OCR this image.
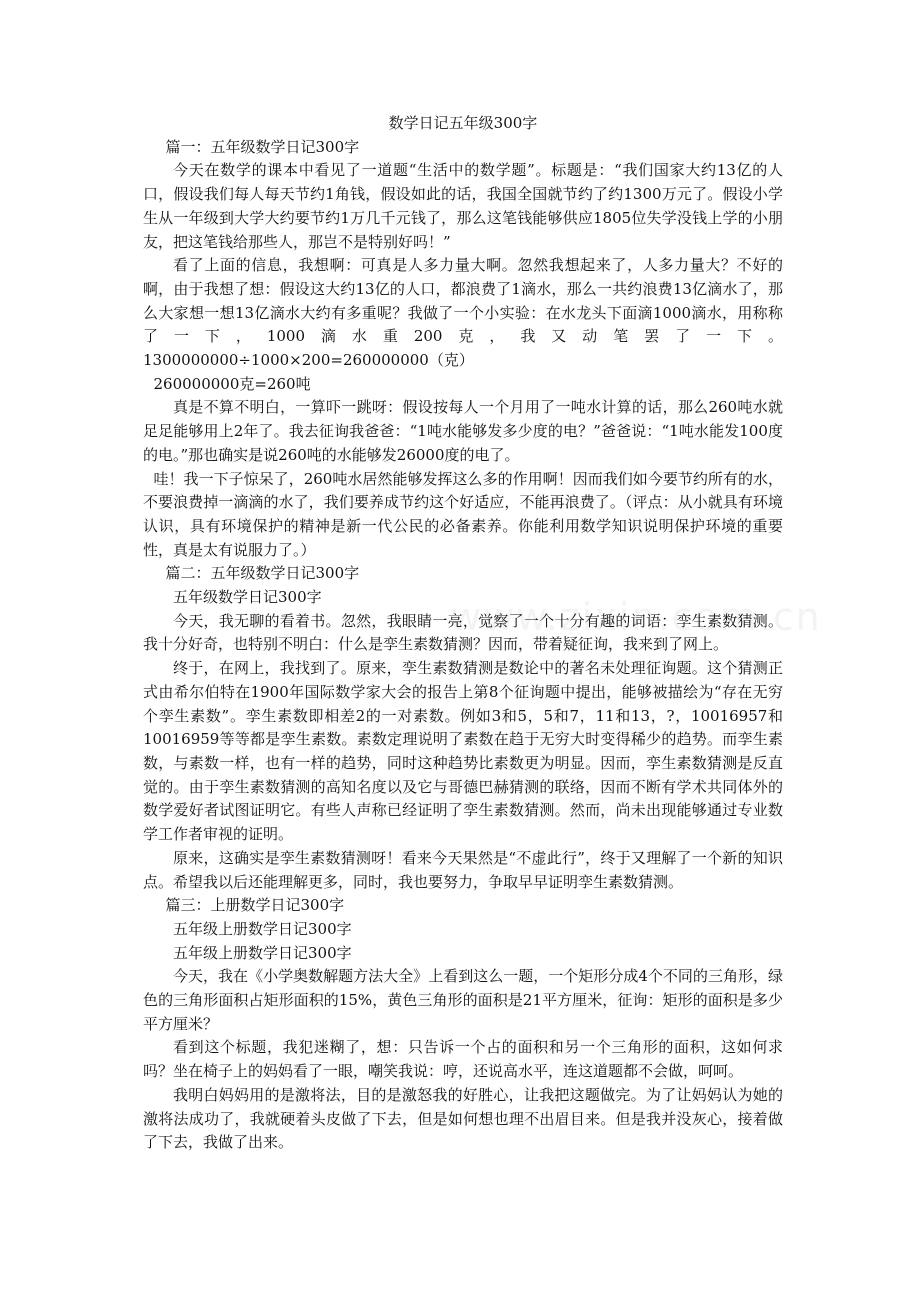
数学日记五年级300字

篇一：五年级数学日记300字

今天在数学的课本中看见了一道题“生活中的数学题”。标题是：“我们国家大约13亿的人口，假设我们每人每天节约1角钱，假设如此的话，我国全国就节约了约1300万元了。假设小学生从一年级到大学大约要节约1万几千元钱了，那么这笔钱能够供应1805位失学没钱上学的小朋友，把这笔钱给那些人，那岂不是特别好吗！”

看了上面的信息，我想啊：可真是人多力量大啊。忽然我想起来了，人多力量大？不好的啊，由于我想了想：假设这大约13亿的人口，都浪费了1滴水，那么一共约浪费13亿滴水了，那么大家想一想13亿滴水大约有多重呢？我做了一个小实验：在水龙头下面滴1000滴水，用称称了一下，1000滴水重200克，我又动笔罢了一下。

1300000000÷1000×200=260000000（克）

260000000克=260吨

真是不算不明白，一算吓一跳呀：假设按每人一个月用了一吨水计算的话，那么260吨水就足足能够用上2年了。我去征询我爸爸：“1吨水能够发多少度的电？”爸爸说：“1吨水能发100度的电。”那也确实是说260吨的水能够发26000度的电了。

哇！我一下子惊呆了，260吨水居然能够发挥这么多的作用啊！因而我们如今要节约所有的水，不要浪费掉一滴滴的水了，我们要养成节约这个好适应，不能再浪费了。（评点：从小就具有环境认识，具有环境保护的精神是新一代公民的必备素养。你能利用数学知识说明保护环境的重要性，真是太有说服力了。）

篇二：五年级数学日记300字

五年级数学日记300字

今天，我无聊的看着书。忽然，我眼睛一亮，觉察了一个十分有趣的词语：孪生素数猜测。我十分好奇，也特别不明白：什么是孪生素数猜测？因而，带着疑征询，我来到了网上。

终于，在网上，我找到了。原来，孪生素数猜测是数论中的著名未处理征询题。这个猜测正式由希尔伯特在1900年国际数学家大会的报告上第8个征询题中提出，能够被描绘为“存在无穷个孪生素数”。孪生素数即相差2的一对素数。例如3和5，5和7，11和13，?，10016957和10016959等等都是孪生素数。素数定理说明了素数在趋于无穷大时变得稀少的趋势。而孪生素数，与素数一样，也有一样的趋势，同时这种趋势比素数更为明显。因而，孪生素数猜测是反直觉的。由于孪生素数猜测的高知名度以及它与哥德巴赫猜测的联络，因而不断有学术共同体外的数学爱好者试图证明它。有些人声称已经证明了孪生素数猜测。然而，尚未出现能够通过专业数学工作者审视的证明。

原来，这确实是孪生素数猜测呀！看来今天果然是“不虚此行”，终于又理解了一个新的知识点。希望我以后还能理解更多，同时，我也要努力，争取早早证明孪生素数猜测。

篇三：上册数学日记300字

五年级上册数学日记300字

五年级上册数学日记300字

今天，我在《小学奥数解题方法大全》上看到这么一题，一个矩形分成4个不同的三角形，绿色的三角形面积占矩形面积的15%，黄色三角形的面积是21平方厘米，征询：矩形的面积是多少平方厘米？

看到这个标题，我犯迷糊了，想：只告诉一个占的面积和另一个三角形的面积，这如何求吗？坐在椅子上的妈妈看了一眼，嘲笑我说：哼，还说高水平，连这道题都不会做，呵呵。

我明白妈妈用的是激将法，目的是激怒我的好胜心，让我把这题做完。为了让妈妈认为她的激将法成功了，我就硬着头皮做了下去，但是如何想也理不出眉目来。但是我并没灰心，接着做了下去，我做了出来。
